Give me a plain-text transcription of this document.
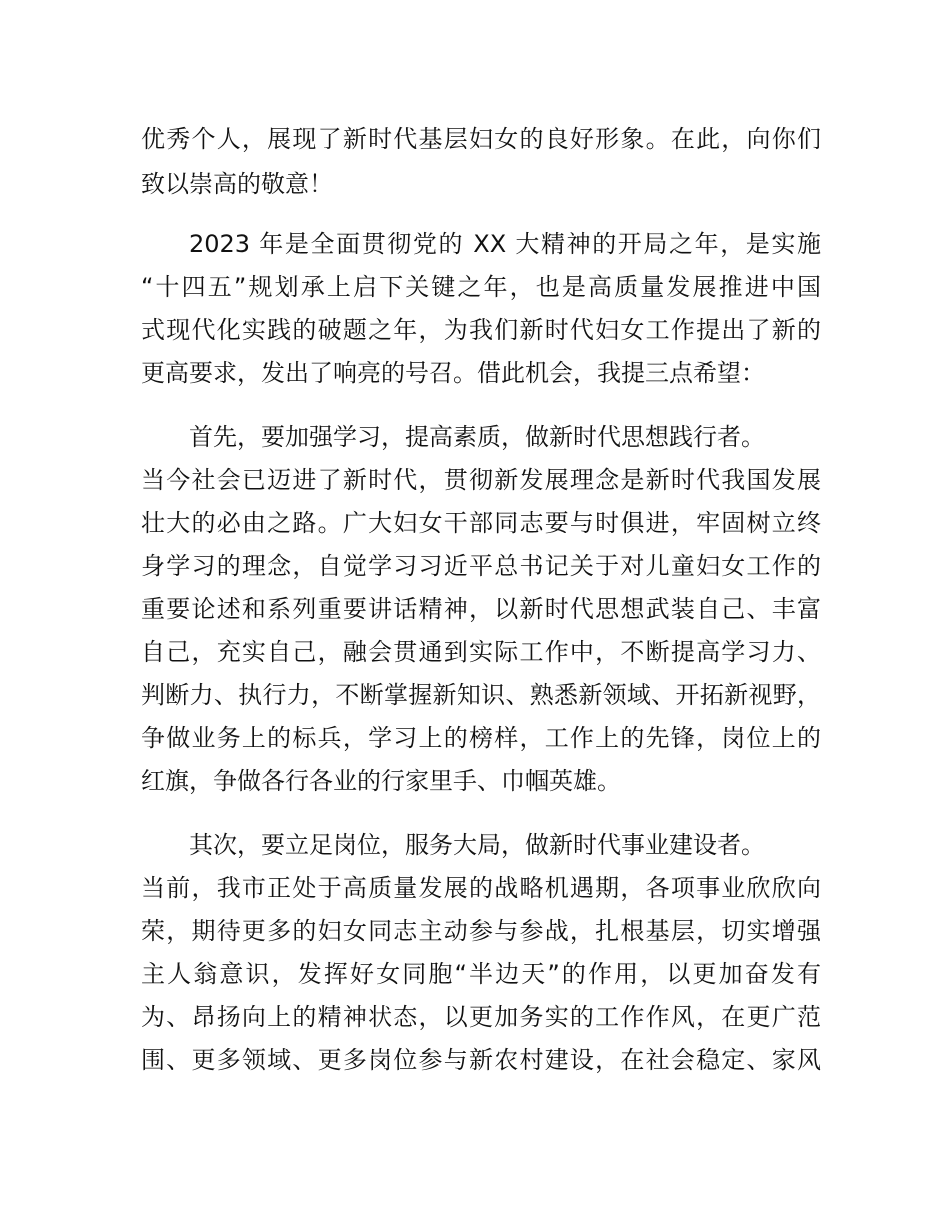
优秀个人，展现了新时代基层妇女的良好形象。在此，向你们
致以崇高的敬意！
2023 年是全面贯彻党的 XX 大精神的开局之年，是实施
“十四五”规划承上启下关键之年，也是高质量发展推进中国
式现代化实践的破题之年，为我们新时代妇女工作提出了新的
更高要求，发出了响亮的号召。借此机会，我提三点希望：
首先，要加强学习，提高素质，做新时代思想践行者。
当今社会已迈进了新时代，贯彻新发展理念是新时代我国发展
壮大的必由之路。广大妇女干部同志要与时俱进，牢固树立终
身学习的理念，自觉学习习近平总书记关于对儿童妇女工作的
重要论述和系列重要讲话精神，以新时代思想武装自己、丰富
自己，充实自己，融会贯通到实际工作中，不断提高学习力、
判断力、执行力，不断掌握新知识、熟悉新领域、开拓新视野，
争做业务上的标兵，学习上的榜样，工作上的先锋，岗位上的
红旗，争做各行各业的行家里手、巾帼英雄。
其次，要立足岗位，服务大局，做新时代事业建设者。
当前，我市正处于高质量发展的战略机遇期，各项事业欣欣向
荣，期待更多的妇女同志主动参与参战，扎根基层，切实增强
主人翁意识，发挥好女同胞“半边天”的作用，以更加奋发有
为、昂扬向上的精神状态，以更加务实的工作作风，在更广范
围、更多领域、更多岗位参与新农村建设，在社会稳定、家风
